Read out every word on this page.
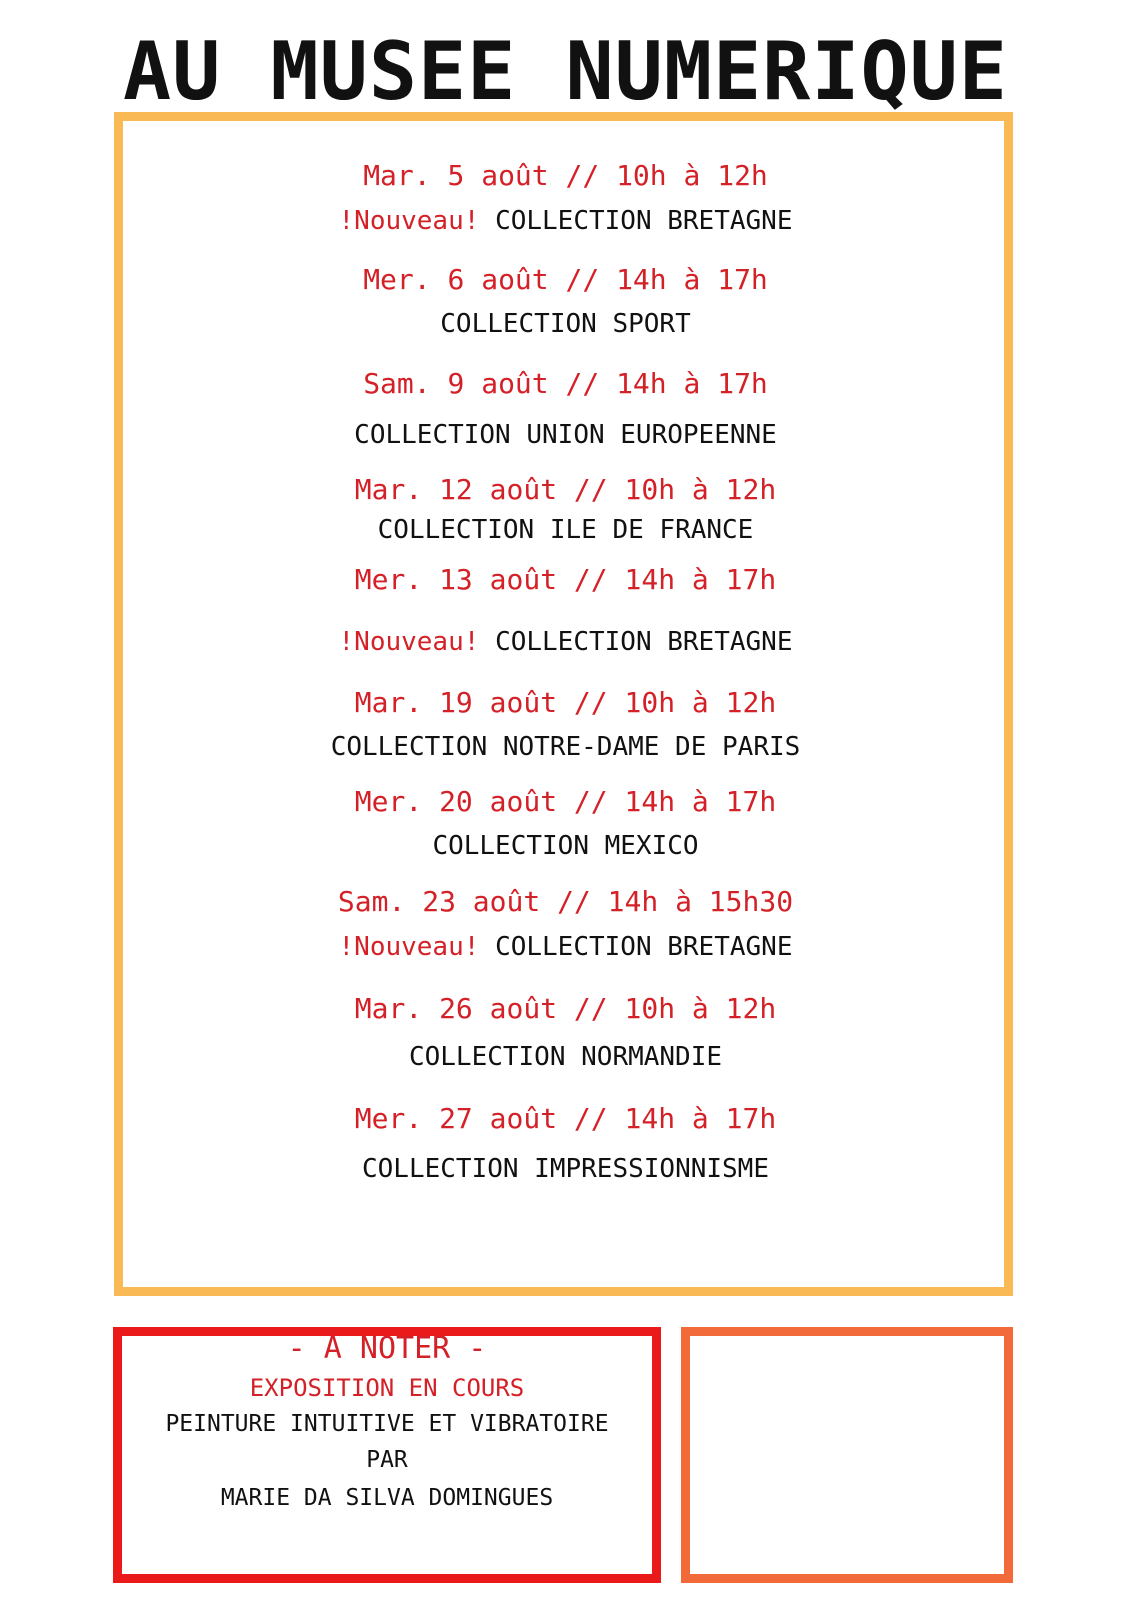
AU MUSEE NUMERIQUE
Mar. 5 août // 10h à 12h
!Nouveau! COLLECTION BRETAGNE
Mer. 6 août // 14h à 17h
COLLECTION SPORT
Sam. 9 août // 14h à 17h
COLLECTION UNION EUROPEENNE
Mar. 12 août // 10h à 12h
COLLECTION ILE DE FRANCE
Mer. 13 août // 14h à 17h
!Nouveau! COLLECTION BRETAGNE
Mar. 19 août // 10h à 12h
COLLECTION NOTRE-DAME DE PARIS
Mer. 20 août // 14h à 17h
COLLECTION MEXICO
Sam. 23 août // 14h à 15h30
!Nouveau! COLLECTION BRETAGNE
Mar. 26 août // 10h à 12h
COLLECTION NORMANDIE
Mer. 27 août // 14h à 17h
COLLECTION IMPRESSIONNISME
- À NOTER -
EXPOSITION EN COURS
PEINTURE INTUITIVE ET VIBRATOIRE
PAR
MARIE DA SILVA DOMINGUES
